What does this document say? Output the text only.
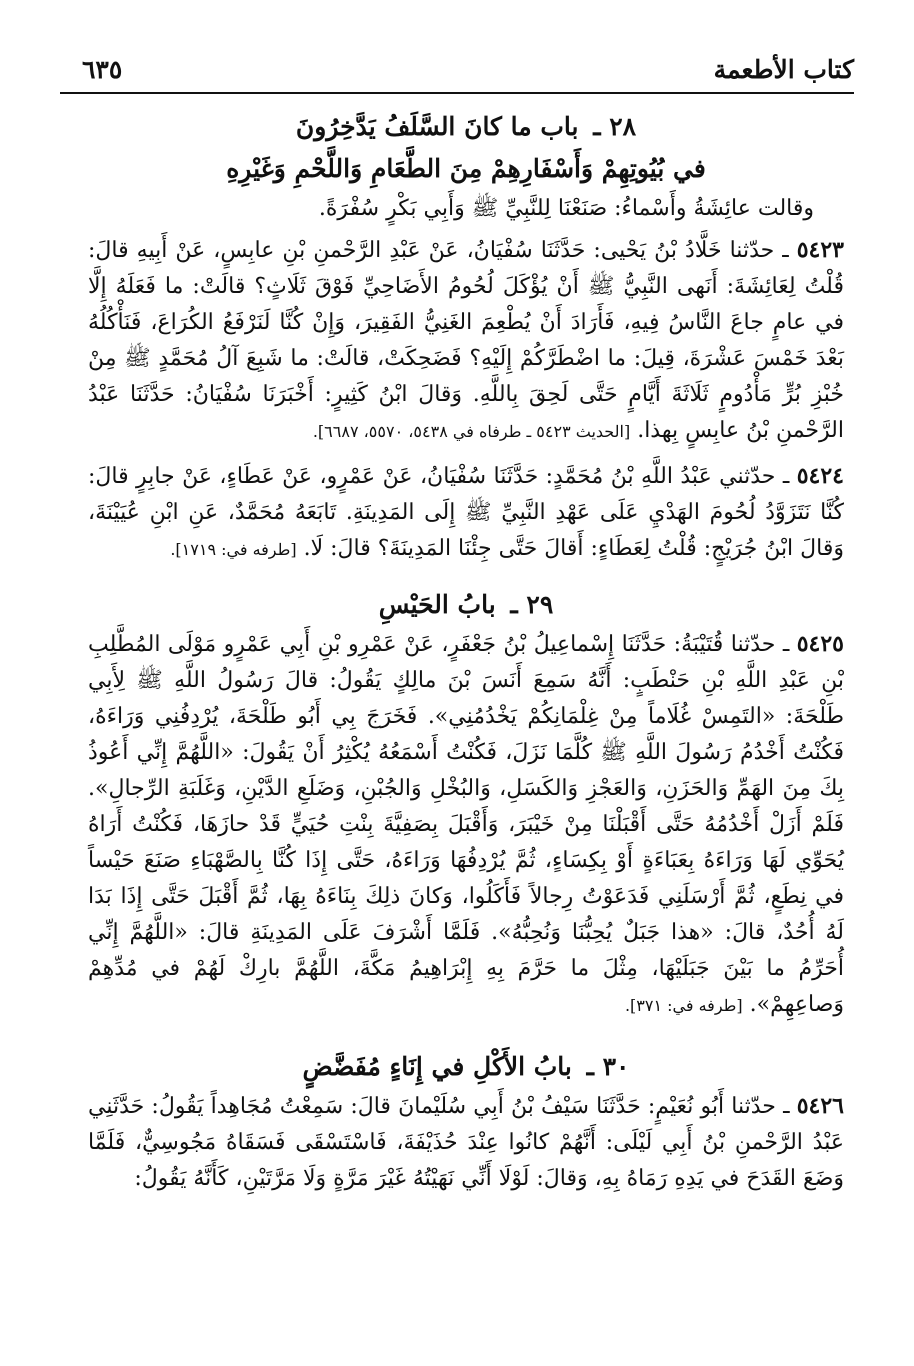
كتاب الأطعمة
٦٣٥
٢٨ ـ باب ما كانَ السَّلَفُ يَدَّخِرُونَ
في بُيُوتِهِمْ وَأَسْفَارِهِمْ مِنَ الطَّعَامِ وَاللَّحْمِ وَغَيْرِهِ

وقالت عائِشَةُ وأَسْماءُ: صَنَعْنَا لِلنَّبِيِّ ﷺ وَأَبِي بَكْرٍ سُفْرَةً.

٥٤٢٣ ـ حدّثنا خَلَّادُ بْنُ يَحْيى: حَدَّثَنَا سُفْيَانُ، عَنْ عَبْدِ الرَّحْمنِ بْنِ عابِسٍ، عَنْ أَبِيهِ قالَ: قُلْتُ لِعَائِشَةَ: أَنَهى النَّبِيُّ ﷺ أَنْ يُؤْكَلَ لُحُومُ الأَضَاحِيِّ فَوْقَ ثَلَاثٍ؟ قالَتْ: ما فَعَلَهُ إِلَّا في عامٍ جاعَ النَّاسُ فِيهِ، فَأَرَادَ أَنْ يُطْعِمَ الغَنِيُّ الفَقِيرَ، وَإِنْ كُنَّا لَنَرْفَعُ الكُرَاعَ، فَنَأْكُلُهُ بَعْدَ خَمْسَ عَشْرَةَ، قِيلَ: ما اضْطَرَّكُمْ إِلَيْهِ؟ فَضَحِكَتْ، قالَتْ: ما شَبِعَ آلُ مُحَمَّدٍ ﷺ مِنْ خُبْزِ بُرٍّ مَأْدُومٍ ثَلَاثَةَ أَيَّامٍ حَتَّى لَحِقَ بِاللَّهِ. وَقالَ ابْنُ كَثِيرٍ: أَخْبَرَنَا سُفْيَانُ: حَدَّثَنَا عَبْدُ الرَّحْمنِ بْنُ عابِسٍ بِهذا. [الحديث ٥٤٢٣ ـ طرفاه في ٥٤٣٨، ٥٥٧٠، ٦٦٨٧].

٥٤٢٤ ـ حدّثني عَبْدُ اللَّهِ بْنُ مُحَمَّدٍ: حَدَّثَنَا سُفْيَانُ، عَنْ عَمْرٍو، عَنْ عَطَاءٍ، عَنْ جابِرٍ قالَ: كُنَّا نَتَزَوَّدُ لُحُومَ الهَدْيِ عَلَى عَهْدِ النَّبِيِّ ﷺ إِلَى المَدِينَةِ. تَابَعَهُ مُحَمَّدٌ، عَنِ ابْنِ عُيَيْنَةَ، وَقالَ ابْنُ جُرَيْجٍ: قُلْتُ لِعَطَاءٍ: أَقالَ حَتَّى جِئْنَا المَدِينَةَ؟ قالَ: لَا. [طرفه في: ١٧١٩].

٢٩ ـ بابُ الحَيْسِ

٥٤٢٥ ـ حدّثنا قُتَيْبَةُ: حَدَّثَنَا إِسْماعِيلُ بْنُ جَعْفَرٍ، عَنْ عَمْرِو بْنِ أَبِي عَمْرٍو مَوْلَى المُطَّلِبِ بْنِ عَبْدِ اللَّهِ بْنِ حَنْطَبٍ: أَنَّهُ سَمِعَ أَنَسَ بْنَ مالِكٍ يَقُولُ: قالَ رَسُولُ اللَّهِ ﷺ لِأَبِي طَلْحَةَ: «التَمِسْ غُلَاماً مِنْ غِلْمَانِكُمْ يَخْدُمُنِي». فَخَرَجَ بِي أَبُو طَلْحَةَ، يُرْدِفُنِي وَرَاءَهُ، فَكُنْتُ أَخْدُمُ رَسُولَ اللَّهِ ﷺ كُلَّمَا نَزَلَ، فَكُنْتُ أَسْمَعُهُ يُكْثِرُ أَنْ يَقُولَ: «اللَّهُمَّ إِنِّي أَعُوذُ بِكَ مِنَ الهَمِّ وَالحَزَنِ، وَالعَجْزِ وَالكَسَلِ، وَالبُخْلِ وَالجُبْنِ، وَضَلَعِ الدَّيْنِ، وَغَلَبَةِ الرِّجالِ». فَلَمْ أَزَلْ أَخْدُمُهُ حَتَّى أَقْبَلْنَا مِنْ خَيْبَرَ، وَأَقْبَلَ بِصَفِيَّةَ بِنْتِ حُيَيٍّ قَدْ حازَهَا، فَكُنْتُ أَرَاهُ يُحَوِّي لَهَا وَرَاءَهُ بِعَبَاءَةٍ أَوْ بِكِسَاءٍ، ثُمَّ يُرْدِفُهَا وَرَاءَهُ، حَتَّى إِذَا كُنَّا بِالصَّهْبَاءِ صَنَعَ حَيْساً في نِطَعٍ، ثُمَّ أَرْسَلَنِي فَدَعَوْتُ رِجالاً فَأَكَلُوا، وَكانَ ذلِكَ بِنَاءَهُ بِهَا، ثُمَّ أَقْبَلَ حَتَّى إِذَا بَدَا لَهُ أُحُدٌ، قالَ: «هذا جَبَلٌ يُحِبُّنَا وَنُحِبُّهُ». فَلَمَّا أَشْرَفَ عَلَى المَدِينَةِ قالَ: «اللَّهُمَّ إِنِّي أُحَرِّمُ ما بَيْنَ جَبَلَيْهَا، مِثْلَ ما حَرَّمَ بِهِ إِبْرَاهِيمُ مَكَّةَ، اللَّهُمَّ بارِكْ لَهُمْ في مُدِّهِمْ وَصاعِهِمْ». [طرفه في: ٣٧١].

٣٠ ـ بابُ الأَكْلِ في إِنَاءٍ مُفَضَّضٍ

٥٤٢٦ ـ حدّثنا أَبُو نُعَيْمٍ: حَدَّثَنَا سَيْفُ بْنُ أَبِي سُلَيْمانَ قالَ: سَمِعْتُ مُجَاهِداً يَقُولُ: حَدَّثَنِي عَبْدُ الرَّحْمنِ بْنُ أَبِي لَيْلَى: أَنَّهُمْ كانُوا عِنْدَ حُذَيْفَةَ، فَاسْتَسْقَى فَسَقَاهُ مَجُوسِيٌّ، فَلَمَّا وَضَعَ القَدَحَ في يَدِهِ رَمَاهُ بِهِ، وَقالَ: لَوْلَا أَنِّي نَهَيْتُهُ غَيْرَ مَرَّةٍ وَلَا مَرَّتَيْنِ، كَأَنَّهُ يَقُولُ:
